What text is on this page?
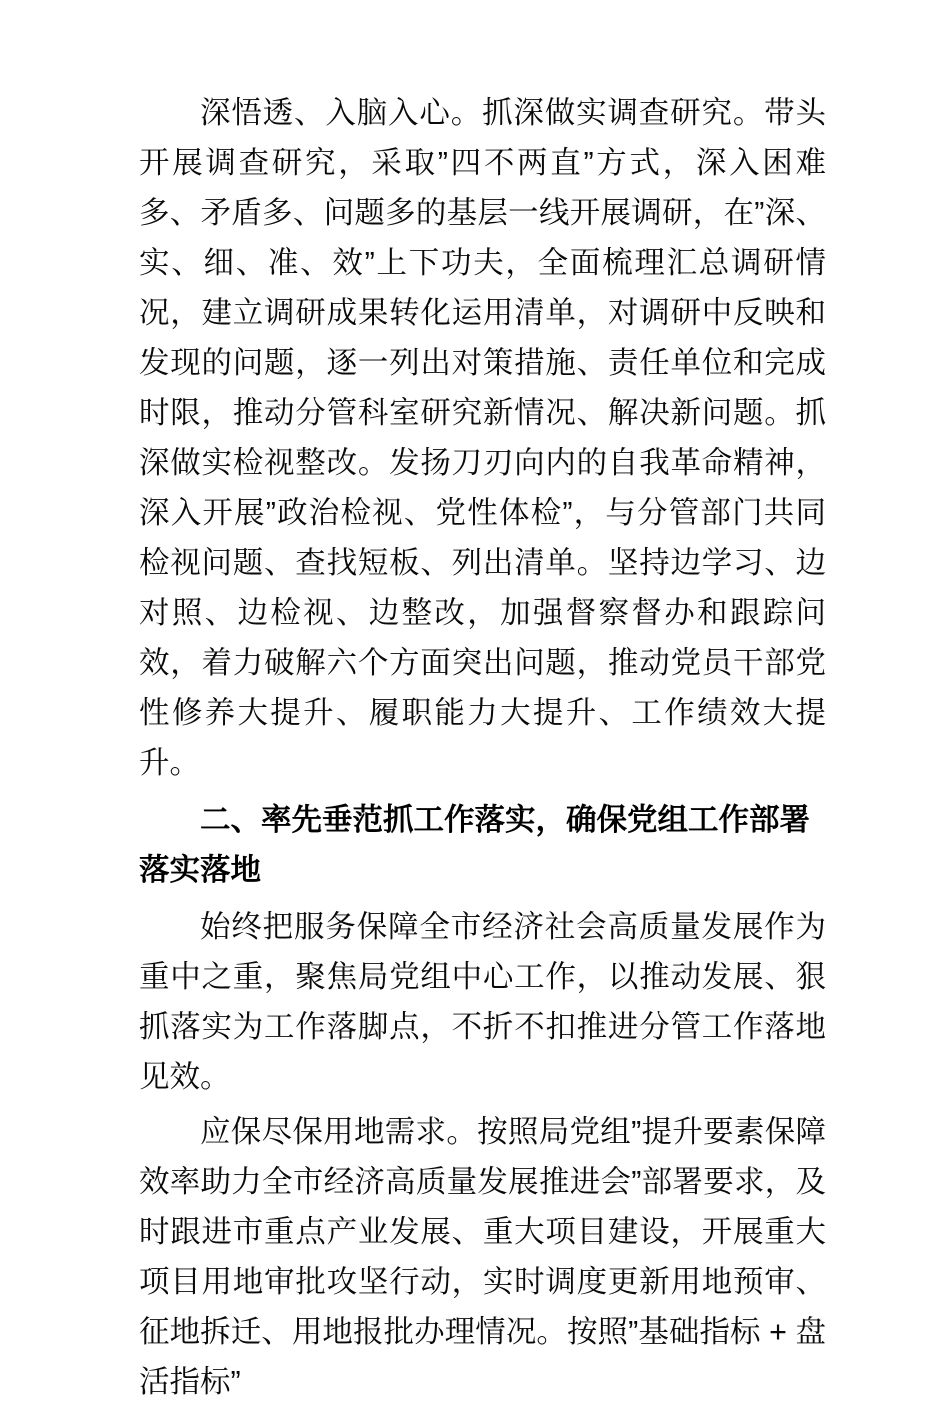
深悟透、入脑入心。抓深做实调查研究。带头开展调查研究，采取”四不两直”方式，深入困难多、矛盾多、问题多的基层一线开展调研，在”深、实、细、准、效”上下功夫，全面梳理汇总调研情况，建立调研成果转化运用清单，对调研中反映和发现的问题，逐一列出对策措施、责任单位和完成时限，推动分管科室研究新情况、解决新问题。抓深做实检视整改。发扬刀刃向内的自我革命精神，深入开展”政治检视、党性体检”，与分管部门共同检视问题、查找短板、列出清单。坚持边学习、边对照、边检视、边整改，加强督察督办和跟踪问效，着力破解六个方面突出问题，推动党员干部党性修养大提升、履职能力大提升、工作绩效大提升。

二、率先垂范抓工作落实，确保党组工作部署落实落地

始终把服务保障全市经济社会高质量发展作为重中之重，聚焦局党组中心工作，以推动发展、狠抓落实为工作落脚点，不折不扣推进分管工作落地见效。

应保尽保用地需求。按照局党组”提升要素保障效率助力全市经济高质量发展推进会”部署要求，及时跟进市重点产业发展、重大项目建设，开展重大项目用地审批攻坚行动，实时调度更新用地预审、征地拆迁、用地报批办理情况。按照”基础指标 + 盘活指标”
